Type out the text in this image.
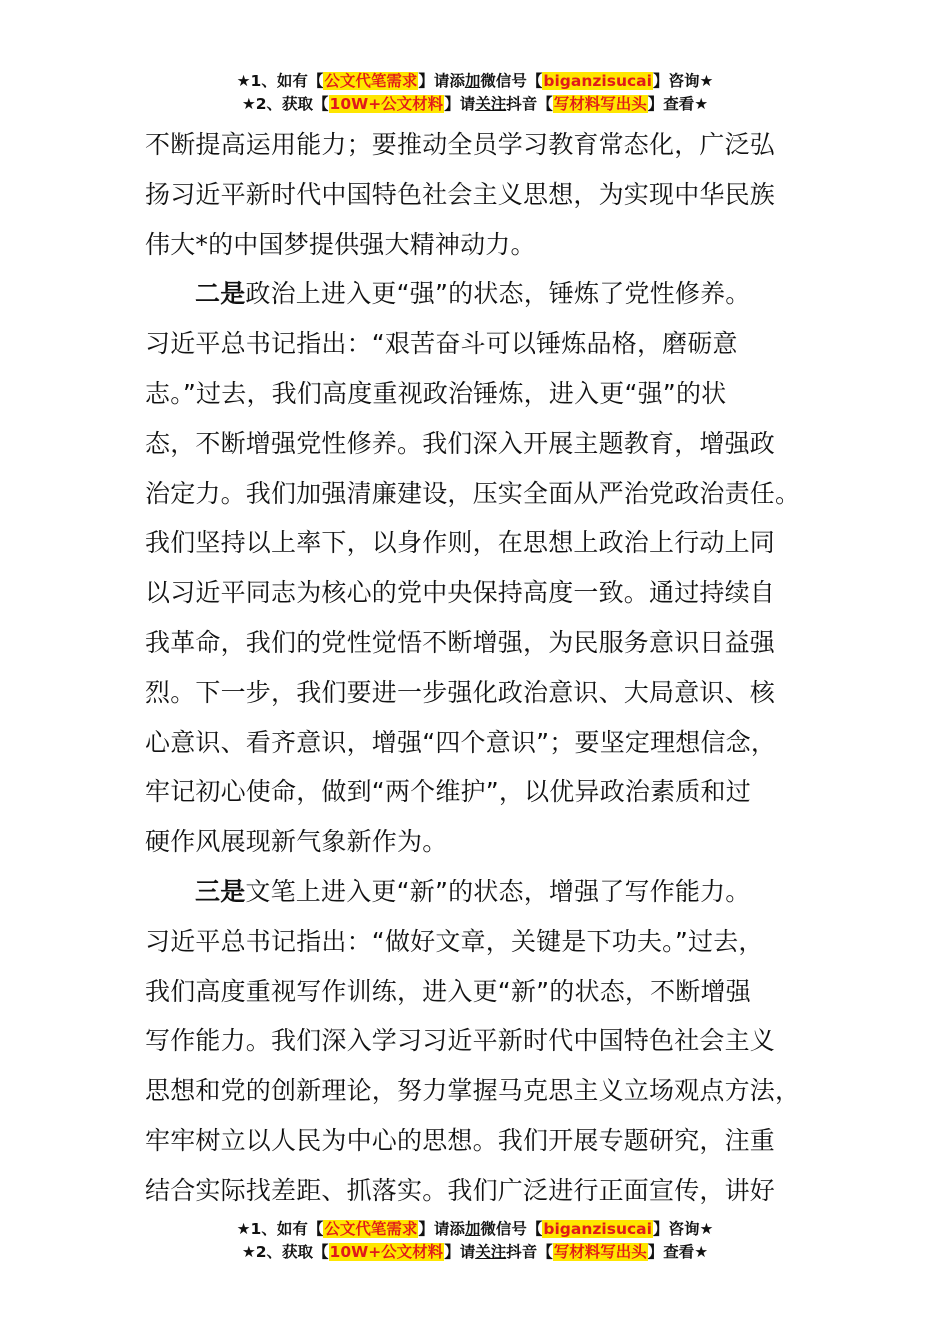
★1、如有【公文代笔需求】请添加微信号【biganzisucai】咨询★
★2、获取【10W+公文材料】请关注抖音【写材料写出头】查看★
不断提高运用能力；要推动全员学习教育常态化，广泛弘
扬习近平新时代中国特色社会主义思想，为实现中华民族
伟大*的中国梦提供强大精神动力。
二是政治上进入更“强”的状态，锤炼了党性修养。
习近平总书记指出：“艰苦奋斗可以锤炼品格，磨砺意
志。”过去，我们高度重视政治锤炼，进入更“强”的状
态，不断增强党性修养。我们深入开展主题教育，增强政
治定力。我们加强清廉建设，压实全面从严治党政治责任。
我们坚持以上率下，以身作则，在思想上政治上行动上同
以习近平同志为核心的党中央保持高度一致。通过持续自
我革命，我们的党性觉悟不断增强，为民服务意识日益强
烈。下一步，我们要进一步强化政治意识、大局意识、核
心意识、看齐意识，增强“四个意识”；要坚定理想信念，
牢记初心使命，做到“两个维护”，以优异政治素质和过
硬作风展现新气象新作为。
三是文笔上进入更“新”的状态，增强了写作能力。
习近平总书记指出：“做好文章，关键是下功夫。”过去，
我们高度重视写作训练，进入更“新”的状态，不断增强
写作能力。我们深入学习习近平新时代中国特色社会主义
思想和党的创新理论，努力掌握马克思主义立场观点方法，
牢牢树立以人民为中心的思想。我们开展专题研究，注重
结合实际找差距、抓落实。我们广泛进行正面宣传，讲好
★1、如有【公文代笔需求】请添加微信号【biganzisucai】咨询★
★2、获取【10W+公文材料】请关注抖音【写材料写出头】查看★
